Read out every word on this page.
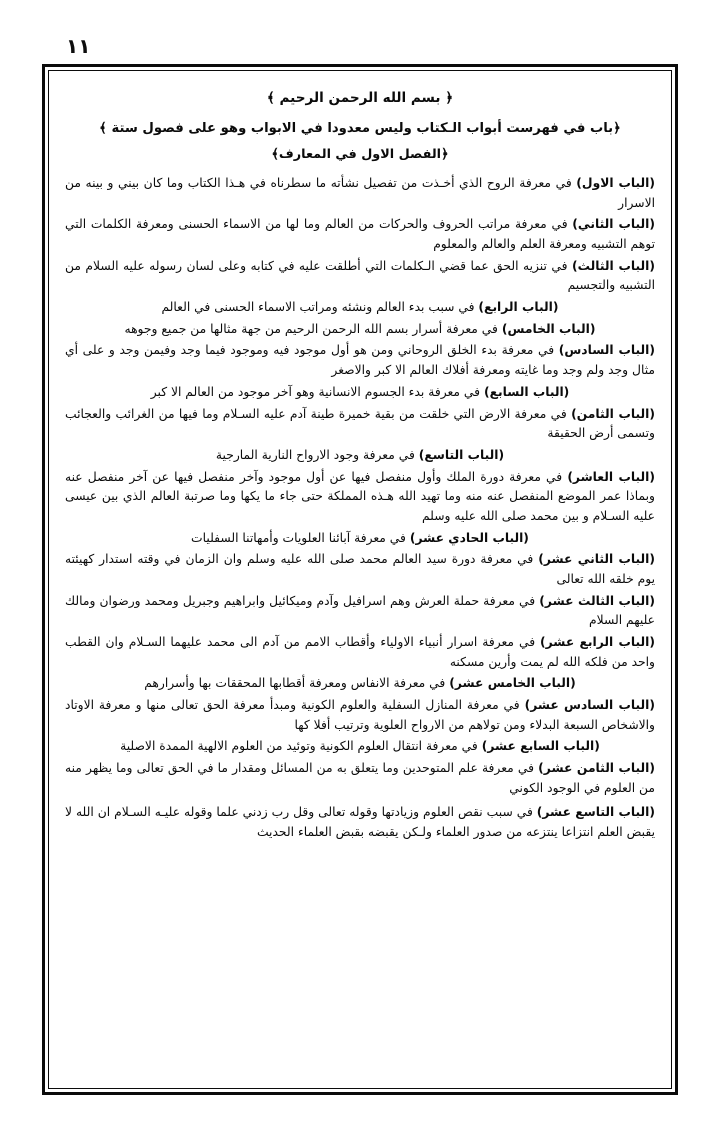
١١
﴿ بسم الله الرحمن الرحيم ﴾
﴿باب في فهرست أبواب الـكتاب وليس معدودا في الابواب وهو على فصول ستة ﴾
﴿الفصل الاول في المعارف﴾
(الباب الاول) في معرفة الروح الذي أخـذت من تفصيل نشأته ما سطرناه في هـذا الكتاب وما كان بيني و بينه من الاسرار
(الباب الثاني) في معرفة مراتب الحروف والحركات من العالم وما لها من الاسماء الحسنى ومعرفة الكلمات التي توهم التشبيه ومعرفة العلم والعالم والمعلوم
(الباب الثالث) في تنزيه الحق عما قضي الـكلمات التي أطلقت عليه في كتابه وعلى لسان رسوله عليه السلام من التشبيه والتجسيم
(الباب الرابع) في سبب بدء العالم ونشئه ومراتب الاسماء الحسنى في العالم
(الباب الخامس) في معرفة أسرار بسم الله الرحمن الرحيم من جهة مثالها من جميع وجوهه
(الباب السادس) في معرفة بدء الخلق الروحاني ومن هو أول موجود فيه وموجود فيما وجد وفيمن وجد و على أي مثال وجد ولم وجد وما غايته ومعرفة أفلاك العالم الا كبر والاصغر
(الباب السابع) في معرفة بدء الجسوم الانسانية وهو آخر موجود من العالم الا كبر
(الباب الثامن) في معرفة الارض التي خلقت من بقية خميرة طينة آدم عليه السـلام وما فيها من الغرائب والعجائب وتسمى أرض الحقيقة
(الباب التاسع) في معرفة وجود الارواح النارية المارجية
(الباب العاشر) في معرفة دورة الملك وأول منفصل فيها عن أول موجود وآخر منفصل فيها عن آخر منفصل عنه وبماذا عمر الموضع المنفصل عنه منه وما تهيد الله هـذه المملكة حتى جاء ما يكها وما صرتبة العالم الذي بين عيسى عليه السـلام و بين محمد صلى الله عليه وسلم
(الباب الحادي عشر) في معرفة آبائنا العلويات وأمهاتنا السفليات
(الباب الثاني عشر) في معرفة دورة سيد العالم محمد صلى الله عليه وسلم وان الزمان في وقته استدار كهيئته يوم خلقه الله تعالى
(الباب الثالث عشر) في معرفة حملة العرش وهم اسرافيل وآدم وميكائيل وابراهيم وجبريل ومحمد ورضوان ومالك عليهم السلام
(الباب الرابع عشر) في معرفة اسرار أنبياء الاولياء وأقطاب الامم من آدم الى محمد عليهما السـلام وان القطب واحد من فلكه الله لم يمت وأرين مسكنه
(الباب الخامس عشر) في معرفة الانفاس ومعرفة أقطابها المحققات بها وأسرارهم
(الباب السادس عشر) في معرفة المنازل السفلية والعلوم الكونية ومبدأ معرفة الحق تعالى منها و معرفة الاوتاد والاشخاص السبعة البدلاء ومن تولاهم من الارواح العلوية وترتيب أفلا كها
(الباب السابع عشر) في معرفة انتقال العلوم الكونية وتوئيد من العلوم الالهية الممدة الاصلية
(الباب الثامن عشر) في معرفة علم المتوحدين وما يتعلق به من المسائل ومقدار ما في الحق تعالى وما يظهر منه من العلوم في الوجود الكوني
(الباب التاسع عشر) في سبب نقص العلوم وزيادتها وقوله تعالى وقل رب زدني علما وقوله عليـه السـلام ان الله لا يقبض العلم انتزاعا ينتزعه من صدور العلماء ولـكن يقبضه بقبض العلماء الحديث
